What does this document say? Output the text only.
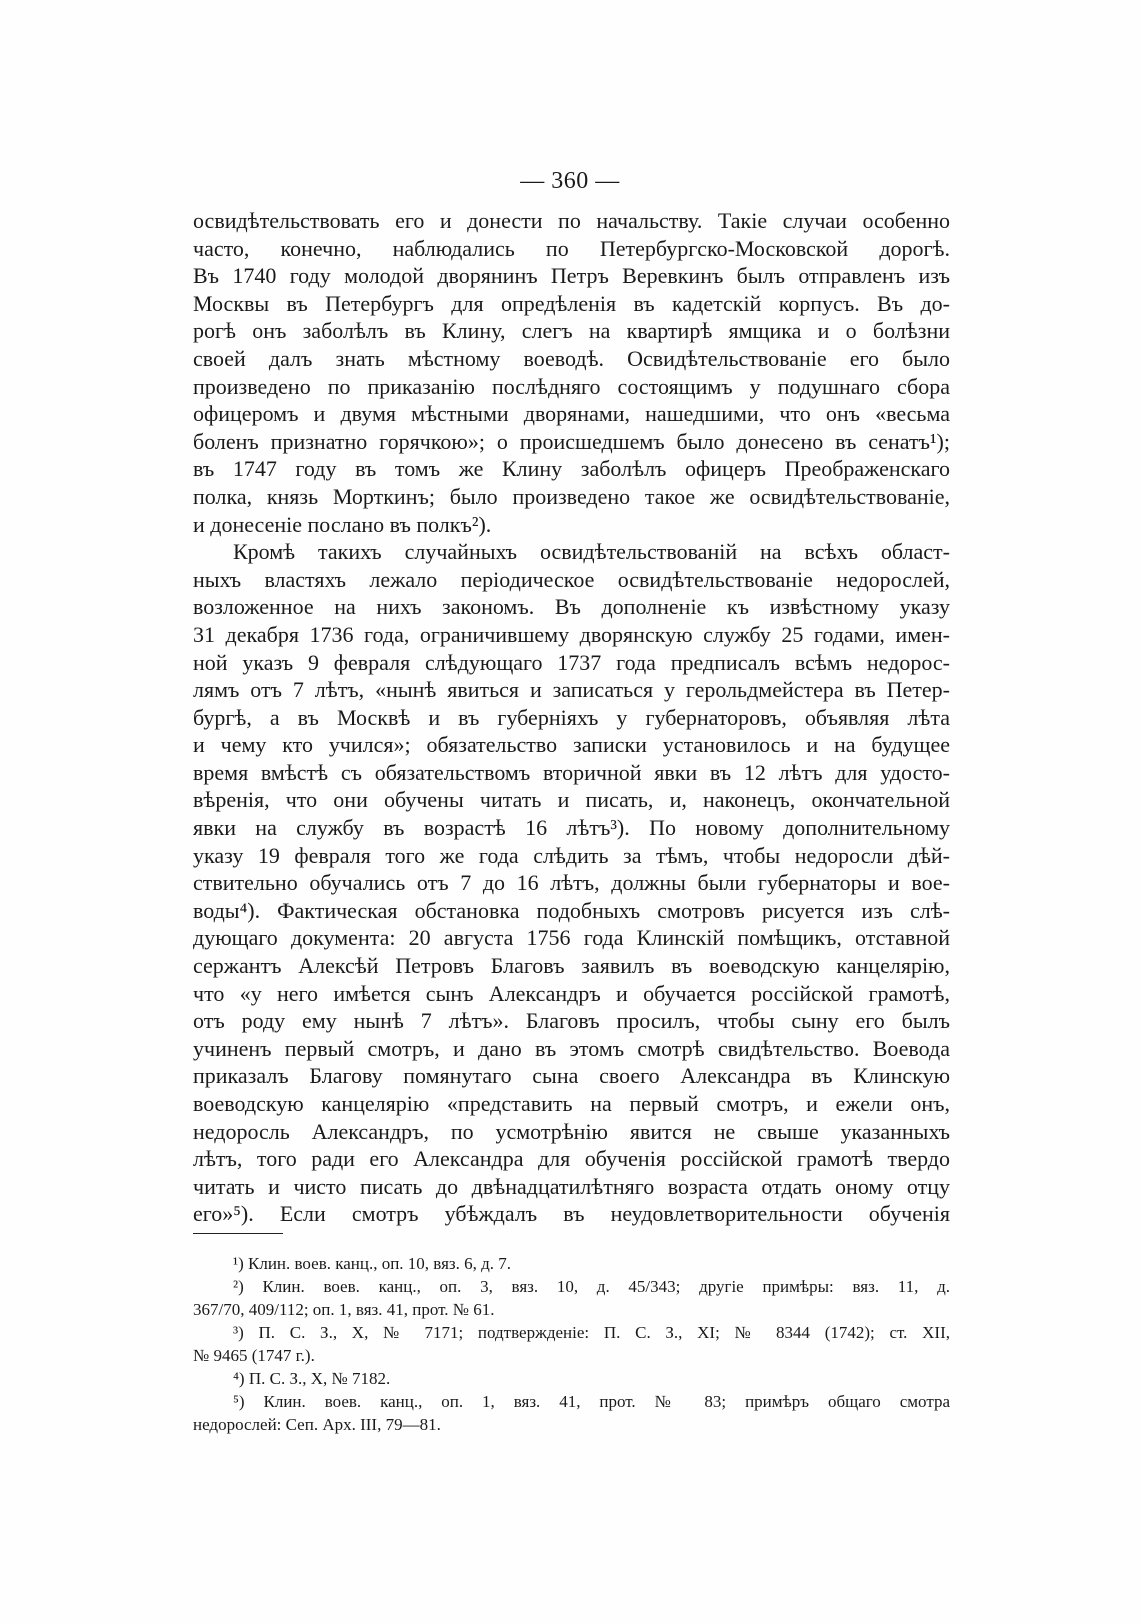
— 360 —
освидѣтельствовать его и донести по начальству. Такіе случаи особенно
часто, конечно, наблюдались по Петербургско-Московской дорогѣ.
Въ 1740 году молодой дворянинъ Петръ Веревкинъ былъ отправленъ изъ
Москвы въ Петербургъ для опредѣленія въ кадетскій корпусъ. Въ до-
рогѣ онъ заболѣлъ въ Клину, слегъ на квартирѣ ямщика и о болѣзни
своей далъ знать мѣстному воеводѣ. Освидѣтельствованіе его было
произведено по приказанію послѣдняго состоящимъ у подушнаго сбора
офицеромъ и двумя мѣстными дворянами, нашедшими, что онъ «весьма
боленъ признатно горячкою»; о происшедшемъ было донесено въ сенатъ¹);
въ 1747 году въ томъ же Клину заболѣлъ офицеръ Преображенскаго
полка, князь Морткинъ; было произведено такое же освидѣтельствованіе,
и донесеніе послано въ полкъ²).
Кромѣ такихъ случайныхъ освидѣтельствованій на всѣхъ област-
ныхъ властяхъ лежало періодическое освидѣтельствованіе недорослей,
возложенное на нихъ закономъ. Въ дополненіе къ извѣстному указу
31 декабря 1736 года, ограничившему дворянскую службу 25 годами, имен-
ной указъ 9 февраля слѣдующаго 1737 года предписалъ всѣмъ недорос-
лямъ отъ 7 лѣтъ, «нынѣ явиться и записаться у герольдмейстера въ Петер-
бургѣ, а въ Москвѣ и въ губерніяхъ у губернаторовъ, объявляя лѣта
и чему кто учился»; обязательство записки установилось и на будущее
время вмѣстѣ съ обязательствомъ вторичной явки въ 12 лѣтъ для удосто-
вѣренія, что они обучены читать и писать, и, наконецъ, окончательной
явки на службу въ возрастѣ 16 лѣтъ³). По новому дополнительному
указу 19 февраля того же года слѣдить за тѣмъ, чтобы недоросли дѣй-
ствительно обучались отъ 7 до 16 лѣтъ, должны были губернаторы и вое-
воды⁴). Фактическая обстановка подобныхъ смотровъ рисуется изъ слѣ-
дующаго документа: 20 августа 1756 года Клинскій помѣщикъ, отставной
сержантъ Алексѣй Петровъ Благовъ заявилъ въ воеводскую канцелярію,
что «у него имѣется сынъ Александръ и обучается россійской грамотѣ,
отъ роду ему нынѣ 7 лѣтъ». Благовъ просилъ, чтобы сыну его былъ
учиненъ первый смотръ, и дано въ этомъ смотрѣ свидѣтельство. Воевода
приказалъ Благову помянутаго сына своего Александра въ Клинскую
воеводскую канцелярію «представить на первый смотръ, и ежели онъ,
недоросль Александръ, по усмотрѣнію явится не свыше указанныхъ
лѣтъ, того ради его Александра для обученія россійской грамотѣ твердо
читать и чисто писать до двѣнадцатилѣтняго возраста отдать оному отцу
его»⁵). Если смотръ убѣждалъ въ неудовлетворительности обученія
¹) Клин. воев. канц., оп. 10, вяз. 6, д. 7.
²) Клин. воев. канц., оп. 3, вяз. 10, д. 45/343; другіе примѣры: вяз. 11, д.
367/70, 409/112; оп. 1, вяз. 41, прот. № 61.
³) П. С. З., X, № 7171; подтвержденіе: П. С. З., XI; № 8344 (1742); ст. XII,
№ 9465 (1747 г.).
⁴) П. С. З., X, № 7182.
⁵) Клин. воев. канц., оп. 1, вяз. 41, прот. № 83; примѣръ общаго смотра
недорослей: Сеп. Арх. III, 79—81.
